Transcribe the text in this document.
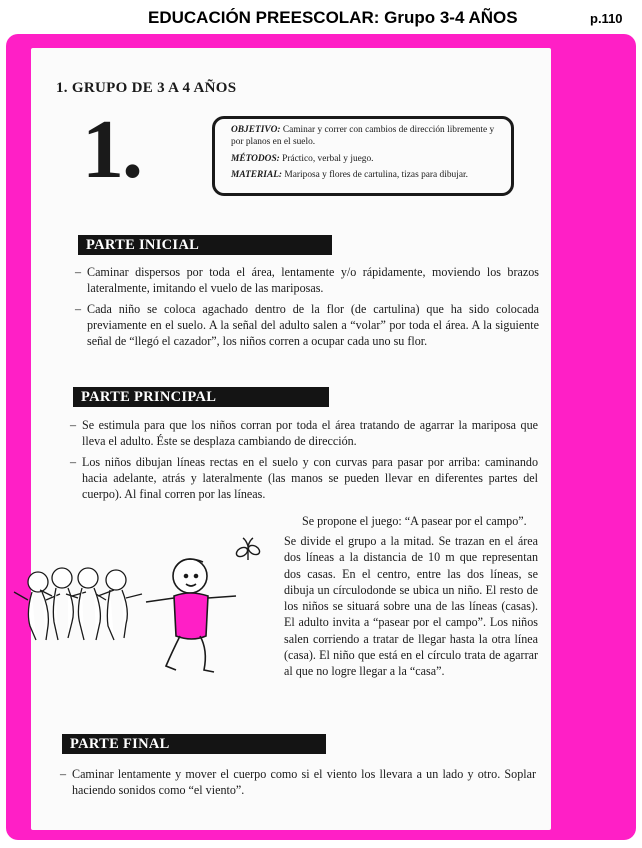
EDUCACIÓN PREESCOLAR: Grupo 3-4 AÑOS	p.110
1. GRUPO DE 3 A 4 AÑOS
1.	OBJETIVO: Caminar y correr con cambios de dirección libremente y por planos en el suelo.

MÉTODOS: Práctico, verbal y juego.

MATERIAL: Mariposa y flores de cartulina, tizas para dibujar.

PARTE INICIAL
– Caminar dispersos por toda el área, lentamente y/o rápidamente, moviendo los brazos lateralmente, imitando el vuelo de las mariposas.
– Cada niño se coloca agachado dentro de la flor (de cartulina) que ha sido colocada previamente en el suelo. A la señal del adulto salen a “volar” por toda el área. A la siguiente señal de “llegó el cazador”, los niños corren a ocupar cada uno su flor.
PARTE PRINCIPAL
– Se estimula para que los niños corran por toda el área tratando de agarrar la mariposa que lleva el adulto. Éste se desplaza cambiando de dirección.
– Los niños dibujan líneas rectas en el suelo y con curvas para pasar por arriba: caminando hacia adelante, atrás y lateralmente (las manos se pueden llevar en diferentes partes del cuerpo). Al final corren por las líneas.
Se propone el juego: “A pasear por el campo”.
Se divide el grupo a la mitad. Se trazan en el área dos líneas a la distancia de 10 m que representan dos casas. En el centro, entre las dos líneas, se dibuja un círculodonde se ubica un niño. El resto de los niños se situará sobre una de las líneas (casas). El adulto invita a “pasear por el campo”. Los niños salen corriendo a tratar de llegar hasta la otra línea (casa). El niño que está en el círculo trata de agarrar al que no logre llegar a la “casa”.
PARTE FINAL
– Caminar lentamente y mover el cuerpo como si el viento los llevara a un lado y otro. Soplar haciendo sonidos como “el viento”.
